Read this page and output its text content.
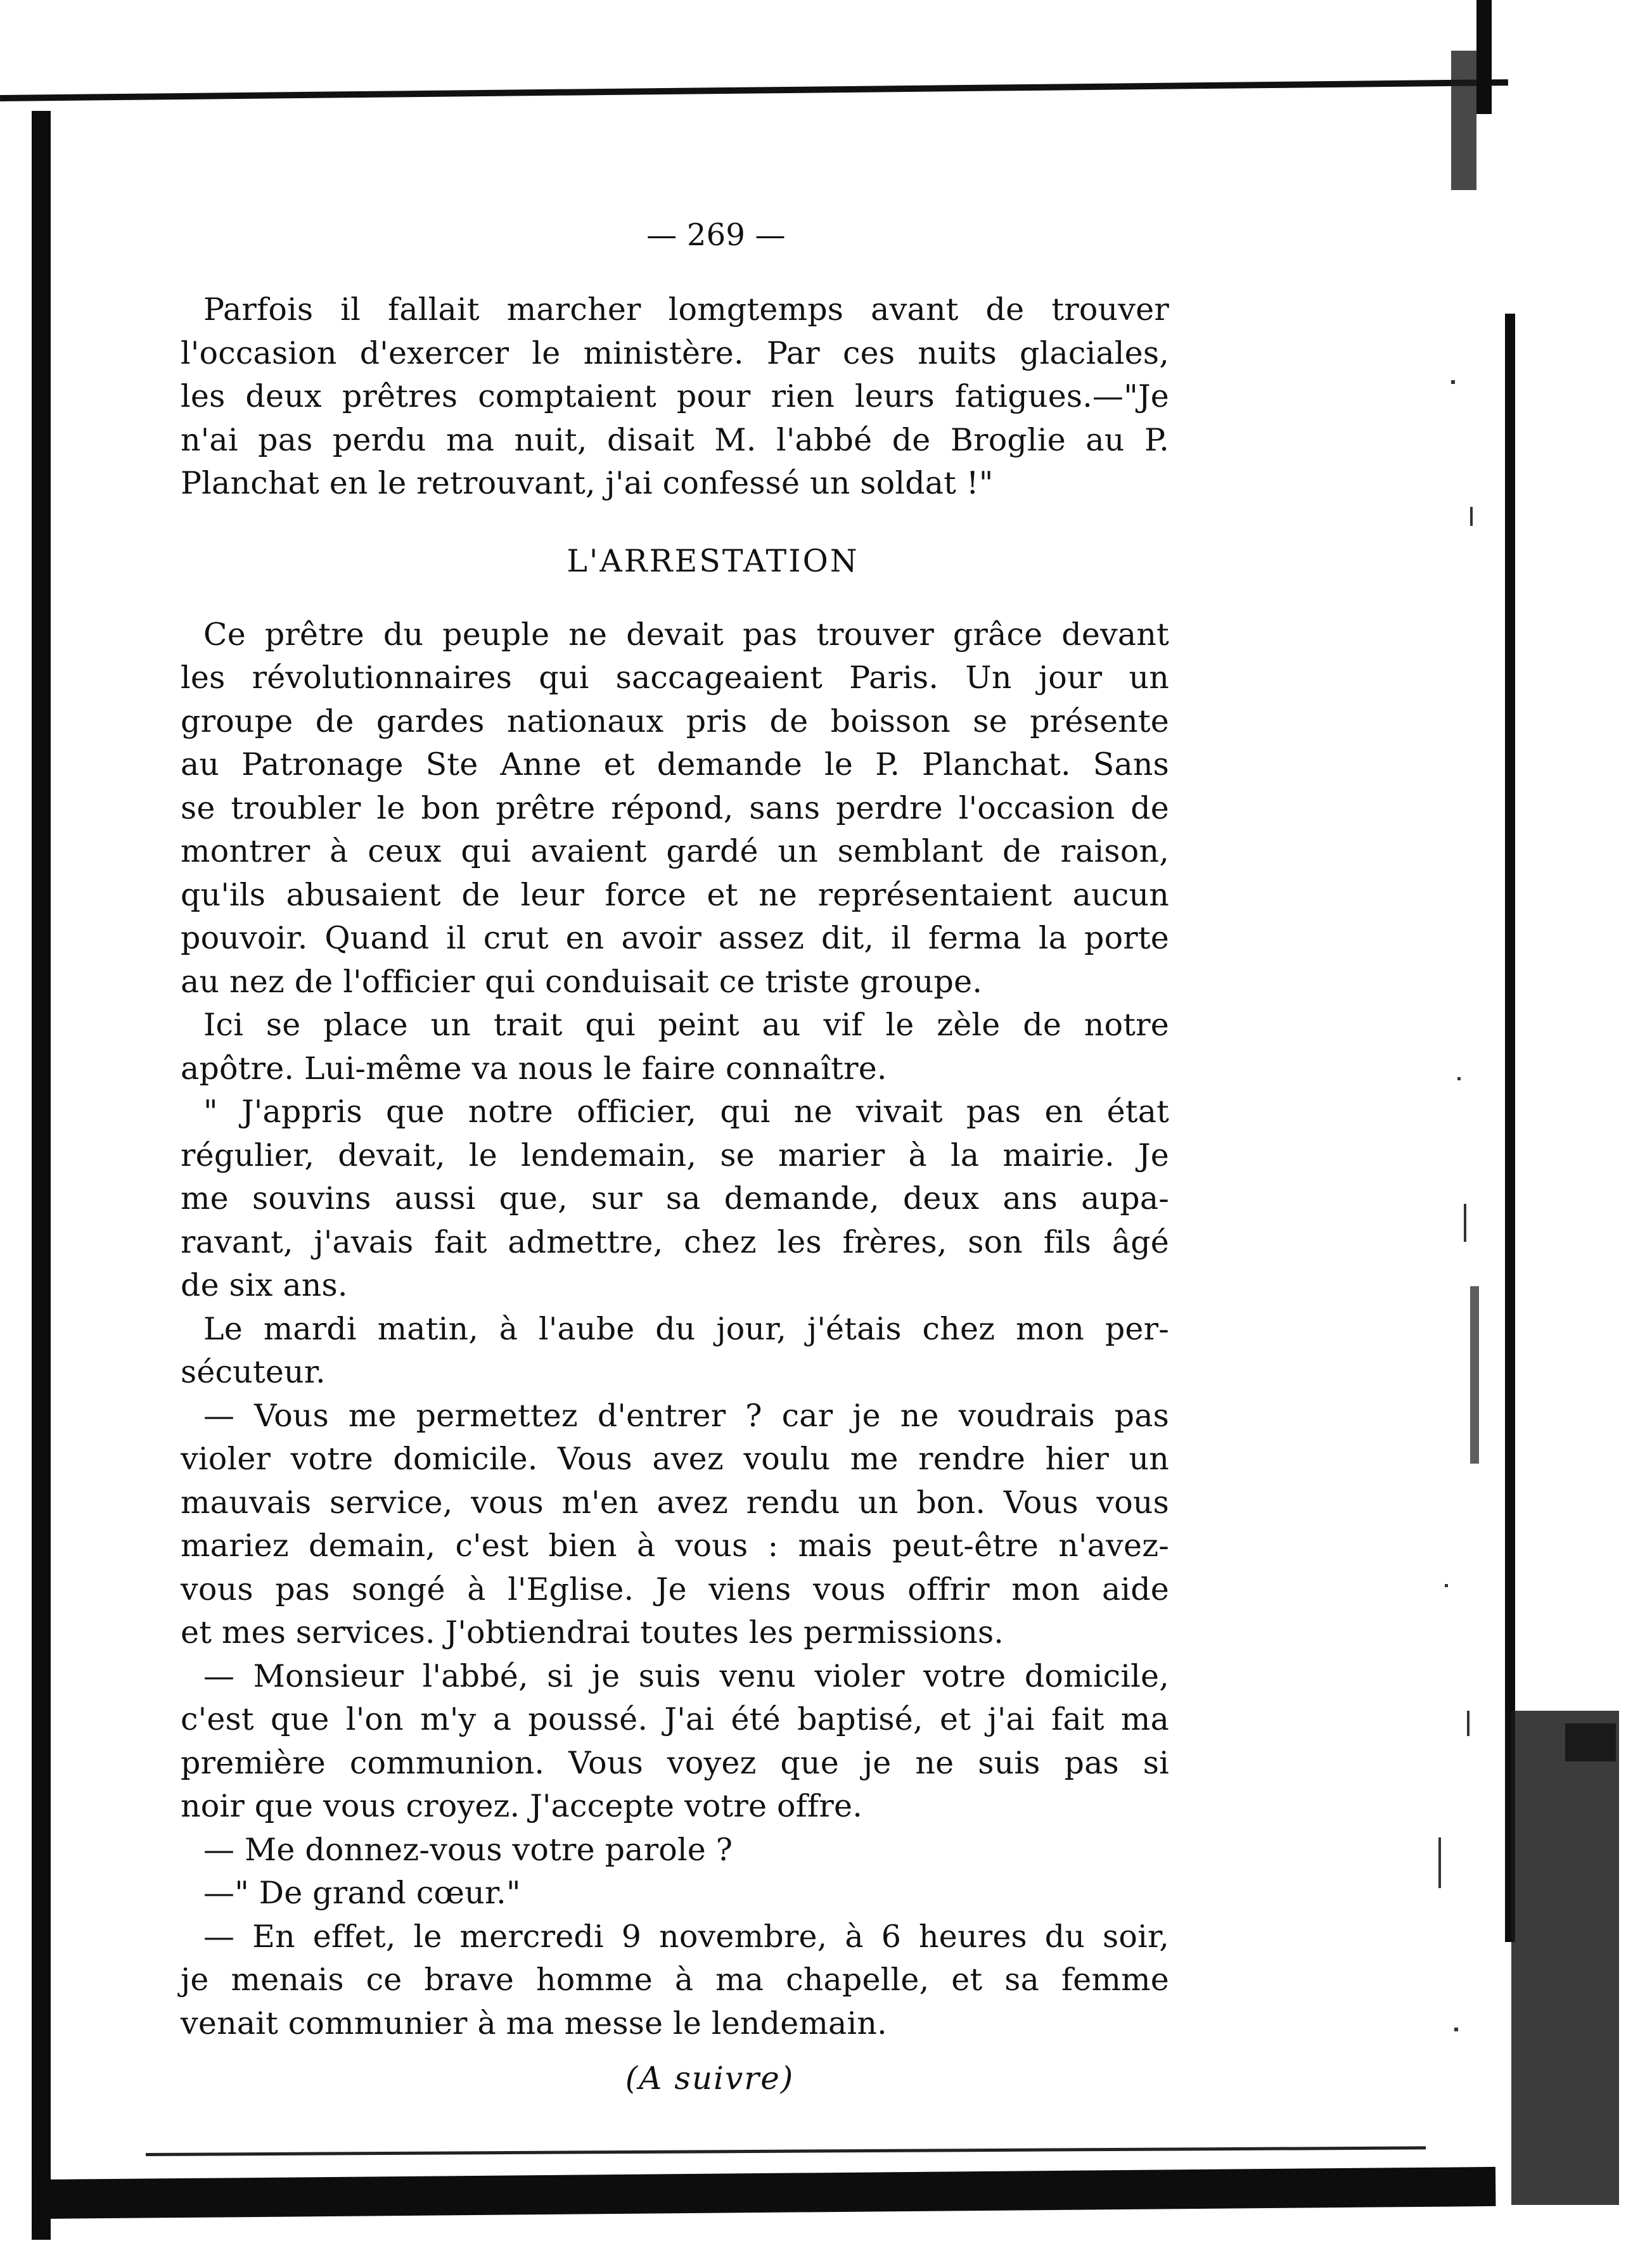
— 269 —
Parfois il fallait marcher lomgtemps avant de trouver
l'occasion d'exercer le ministère. Par ces nuits glaciales,
les deux prêtres comptaient pour rien leurs fatigues.—"Je
n'ai pas perdu ma nuit, disait M. l'abbé de Broglie au P.
Planchat en le retrouvant, j'ai confessé un soldat !"
L'ARRESTATION
Ce prêtre du peuple ne devait pas trouver grâce devant
les révolutionnaires qui saccageaient Paris. Un jour un
groupe de gardes nationaux pris de boisson se présente
au Patronage Ste Anne et demande le P. Planchat. Sans
se troubler le bon prêtre répond, sans perdre l'occasion de
montrer à ceux qui avaient gardé un semblant de raison,
qu'ils abusaient de leur force et ne représentaient aucun
pouvoir. Quand il crut en avoir assez dit, il ferma la porte
au nez de l'officier qui conduisait ce triste groupe.
Ici se place un trait qui peint au vif le zèle de notre
apôtre. Lui-même va nous le faire connaître.
" J'appris que notre officier, qui ne vivait pas en état
régulier, devait, le lendemain, se marier à la mairie. Je
me souvins aussi que, sur sa demande, deux ans aupa-
ravant, j'avais fait admettre, chez les frères, son fils âgé
de six ans.
Le mardi matin, à l'aube du jour, j'étais chez mon per-
sécuteur.
— Vous me permettez d'entrer ? car je ne voudrais pas
violer votre domicile. Vous avez voulu me rendre hier un
mauvais service, vous m'en avez rendu un bon. Vous vous
mariez demain, c'est bien à vous : mais peut-être n'avez-
vous pas songé à l'Eglise. Je viens vous offrir mon aide
et mes services. J'obtiendrai toutes les permissions.
— Monsieur l'abbé, si je suis venu violer votre domicile,
c'est que l'on m'y a poussé. J'ai été baptisé, et j'ai fait ma
première communion. Vous voyez que je ne suis pas si
noir que vous croyez. J'accepte votre offre.
— Me donnez-vous votre parole ?
—" De grand cœur."
— En effet, le mercredi 9 novembre, à 6 heures du soir,
je menais ce brave homme à ma chapelle, et sa femme
venait communier à ma messe le lendemain.
(A suivre)
